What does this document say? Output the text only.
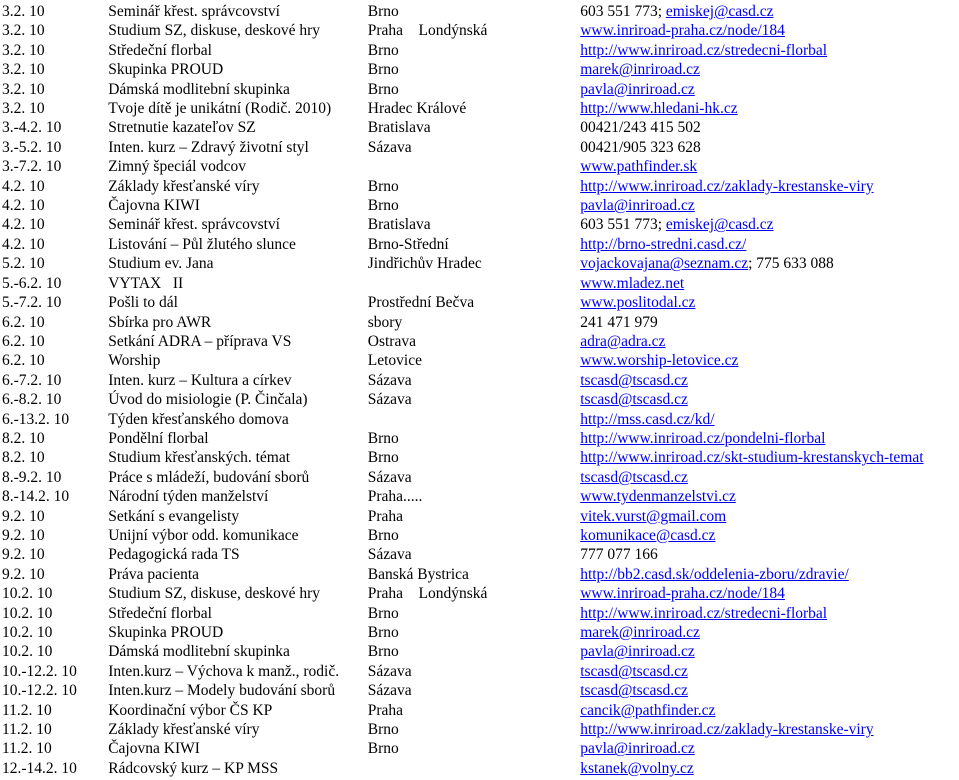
3.2. 10	Seminář křest. správcovství	Brno	603 551 773; emiskej@casd.cz
3.2. 10	Studium SZ, diskuse, deskové hry	Praha    Londýnská	www.inriroad-praha.cz/node/184
3.2. 10	Středeční florbal	Brno	http://www.inriroad.cz/stredecni-florbal
3.2. 10	Skupinka PROUD	Brno	marek@inriroad.cz
3.2. 10	Dámská modlitební skupinka	Brno	pavla@inriroad.cz
3.2. 10	Tvoje dítě je unikátní (Rodič. 2010)	Hradec Králové	http://www.hledani-hk.cz
3.-4.2. 10	Stretnutie kazateľov SZ	Bratislava	00421/243 415 502
3.-5.2. 10	Inten. kurz – Zdravý životní styl	Sázava	00421/905 323 628
3.-7.2. 10	Zimný špeciál vodcov		www.pathfinder.sk
4.2. 10	Základy křesťanské víry	Brno	http://www.inriroad.cz/zaklady-krestanske-viry
4.2. 10	Čajovna KIWI	Brno	pavla@inriroad.cz
4.2. 10	Seminář křest. správcovství	Bratislava	603 551 773; emiskej@casd.cz
4.2. 10	Listování – Půl žlutého slunce	Brno-Střední	http://brno-stredni.casd.cz/
5.2. 10	Studium ev. Jana	Jindřichův Hradec	vojackovajana@seznam.cz; 775 633 088
5.-6.2. 10	VYTAX   II		www.mladez.net
5.-7.2. 10	Pošli to dál	Prostřední Bečva	www.poslitodal.cz
6.2. 10	Sbírka pro AWR	sbory	241 471 979
6.2. 10	Setkání ADRA – příprava VS	Ostrava	adra@adra.cz
6.2. 10	Worship	Letovice	www.worship-letovice.cz
6.-7.2. 10	Inten. kurz – Kultura a církev	Sázava	tscasd@tscasd.cz
6.-8.2. 10	Úvod do misiologie (P. Činčala)	Sázava	tscasd@tscasd.cz
6.-13.2. 10	Týden křesťanského domova		http://mss.casd.cz/kd/
8.2. 10	Pondělní florbal	Brno	http://www.inriroad.cz/pondelni-florbal
8.2. 10	Studium křesťanských. témat	Brno	http://www.inriroad.cz/skt-studium-krestanskych-temat
8.-9.2. 10	Práce s mládeží, budování sborů	Sázava	tscasd@tscasd.cz
8.-14.2. 10	Národní týden manželství	Praha.....	www.tydenmanzelstvi.cz
9.2. 10	Setkání s evangelisty	Praha	vitek.vurst@gmail.com
9.2. 10	Unijní výbor odd. komunikace	Brno	komunikace@casd.cz
9.2. 10	Pedagogická rada TS	Sázava	777 077 166
9.2. 10	Práva pacienta	Banská Bystrica	http://bb2.casd.sk/oddelenia-zboru/zdravie/
10.2. 10	Studium SZ, diskuse, deskové hry	Praha    Londýnská	www.inriroad-praha.cz/node/184
10.2. 10	Středeční florbal	Brno	http://www.inriroad.cz/stredecni-florbal
10.2. 10	Skupinka PROUD	Brno	marek@inriroad.cz
10.2. 10	Dámská modlitební skupinka	Brno	pavla@inriroad.cz
10.-12.2. 10	Inten.kurz – Výchova k manž., rodič.	Sázava	tscasd@tscasd.cz
10.-12.2. 10	Inten.kurz – Modely budování sborů	Sázava	tscasd@tscasd.cz
11.2. 10	Koordinační výbor ČS KP	Praha	cancik@pathfinder.cz
11.2. 10	Základy křesťanské víry	Brno	http://www.inriroad.cz/zaklady-krestanske-viry
11.2. 10	Čajovna KIWI	Brno	pavla@inriroad.cz
12.-14.2. 10	Rádcovský kurz – KP MSS		kstanek@volny.cz
